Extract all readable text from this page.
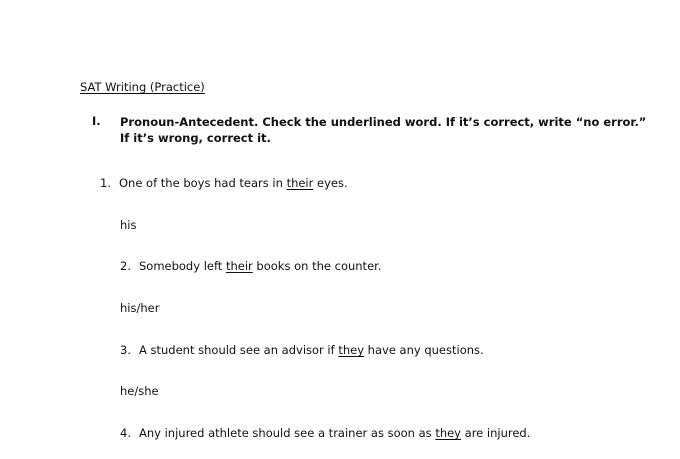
SAT Writing (Practice)
I. Pronoun-Antecedent. Check the underlined word. If it’s correct, write “no error.”
If it’s wrong, correct it.
1. One of the boys had tears in their eyes.
his
2. Somebody left their books on the counter.
his/her
3. A student should see an advisor if they have any questions.
he/she
4. Any injured athlete should see a trainer as soon as they are injured.
